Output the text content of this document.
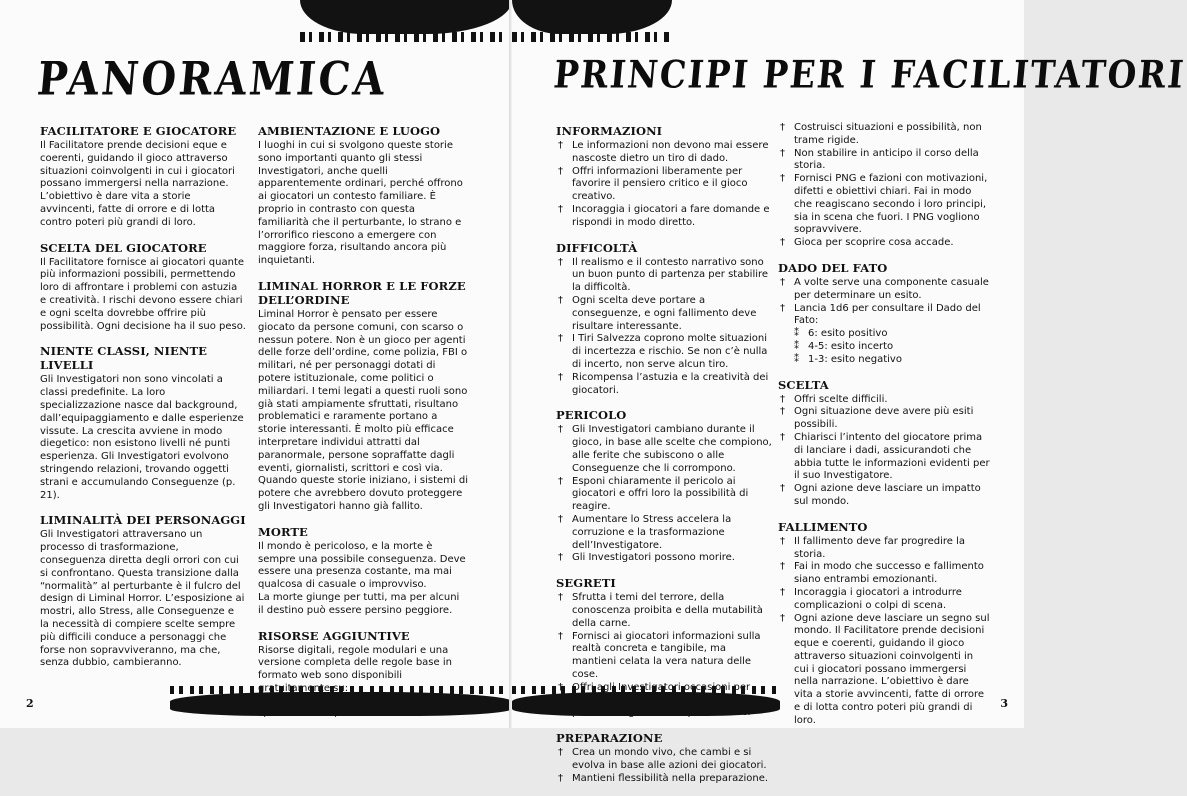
PANORAMICA
FACILITATORE E GIOCATORE

Il Facilitatore prende decisioni eque e coerenti, guidando il gioco attraverso situazioni coinvolgenti in cui i giocatori possano immergersi nella narrazione. L’obiettivo è dare vita a storie avvincenti, fatte di orrore e di lotta contro poteri più grandi di loro.

SCELTA DEL GIOCATORE

Il Facilitatore fornisce ai giocatori quante più informazioni possibili, permettendo loro di affrontare i problemi con astuzia e creatività. I rischi devono essere chiari e ogni scelta dovrebbe offrire più possibilità. Ogni decisione ha il suo peso.

NIENTE CLASSI, NIENTE LIVELLI

Gli Investigatori non sono vincolati a classi predefinite. La loro specializzazione nasce dal background, dall’equipaggiamento e dalle esperienze vissute. La crescita avviene in modo diegetico: non esistono livelli né punti esperienza. Gli Investigatori evolvono stringendo relazioni, trovando oggetti strani e accumulando Conseguenze (p. 21).

LIMINALITÀ DEI PERSONAGGI

Gli Investigatori attraversano un processo di trasformazione, conseguenza diretta degli orrori con cui si confrontano. Questa transizione dalla “normalità” al perturbante è il fulcro del design di Liminal Horror. L’esposizione ai mostri, allo Stress, alle Conseguenze e la necessità di compiere scelte sempre più difficili conduce a personaggi che forse non sopravviveranno, ma che, senza dubbio, cambieranno.

AMBIENTAZIONE E LUOGO

I luoghi in cui si svolgono queste storie sono importanti quanto gli stessi Investigatori, anche quelli apparentemente ordinari, perché offrono ai giocatori un contesto familiare. È proprio in contrasto con questa familiarità che il perturbante, lo strano e l’orrorifico riescono a emergere con maggiore forza, risultando ancora più inquietanti.

LIMINAL HORROR E LE FORZE DELL’ORDINE

Liminal Horror è pensato per essere giocato da persone comuni, con scarso o nessun potere. Non è un gioco per agenti delle forze dell’ordine, come polizia, FBI o militari, né per personaggi dotati di potere istituzionale, come politici o miliardari. I temi legati a questi ruoli sono già stati ampiamente sfruttati, risultano problematici e raramente portano a storie interessanti. È molto più efficace interpretare individui attratti dal paranormale, persone sopraffatte dagli eventi, giornalisti, scrittori e così via. Quando queste storie iniziano, i sistemi di potere che avrebbero dovuto proteggere gli Investigatori hanno già fallito.

MORTE

Il mondo è pericoloso, e la morte è sempre una possibile conseguenza. Deve essere una presenza costante, ma mai qualcosa di casuale o improvviso.

La morte giunge per tutti, ma per alcuni il destino può essere persino peggiore.

RISORSE AGGIUNTIVE

Risorse digitali, regole modulari e una versione completa delle regole base in formato web sono disponibili

2
PRINCIPI PER I FACILITATORI
INFORMAZIONI
† Le informazioni non devono mai essere nascoste dietro un tiro di dado.
† Offri informazioni liberamente per favorire il pensiero critico e il gioco creativo.
† Incoraggia i giocatori a fare domande e rispondi in modo diretto.
DIFFICOLTÀ
† Il realismo e il contesto narrativo sono un buon punto di partenza per stabilire la difficoltà.
† Ogni scelta deve portare a conseguenze, e ogni fallimento deve risultare interessante.
† I Tiri Salvezza coprono molte situazioni di incertezza e rischio. Se non c’è nulla di incerto, non serve alcun tiro.
† Ricompensa l’astuzia e la creatività dei giocatori.
PERICOLO
† Gli Investigatori cambiano durante il gioco, in base alle scelte che compiono, alle ferite che subiscono o alle Conseguenze che li corrompono.
† Esponi chiaramente il pericolo ai giocatori e offri loro la possibilità di reagire.
† Aumentare lo Stress accelera la corruzione e la trasformazione dell’Investigatore.
† Gli Investigatori possono morire.
SEGRETI
† Sfrutta i temi del terrore, della conoscenza proibita e della mutabilità della carne.
† Fornisci ai giocatori informazioni sulla realtà concreta e tangibile, ma mantieni celata la vera natura delle cose.
PREPARAZIONE
† Crea un mondo vivo, che cambi e si evolva in base alle azioni dei giocatori.
† Mantieni flessibilità nella preparazione.
† Costruisci situazioni e possibilità, non trame rigide.
† Non stabilire in anticipo il corso della storia.
† Fornisci PNG e fazioni con motivazioni, difetti e obiettivi chiari. Fai in modo che reagiscano secondo i loro principi, sia in scena che fuori. I PNG vogliono sopravvivere.
† Gioca per scoprire cosa accade.
DADO DEL FATO
† A volte serve una componente casuale per determinare un esito.
† Lancia 1d6 per consultare il Dado del Fato:
⁑ 6: esito positivo
⁑ 4-5: esito incerto
⁑ 1-3: esito negativo
SCELTA
† Offri scelte difficili.
† Ogni situazione deve avere più esiti possibili.
† Chiarisci l’intento del giocatore prima di lanciare i dadi, assicurandoti che abbia tutte le informazioni evidenti per il suo Investigatore.
† Ogni azione deve lasciare un impatto sul mondo.
FALLIMENTO
† Il fallimento deve far progredire la storia.
† Fai in modo che successo e fallimento siano entrambi emozionanti.
† Incoraggia i giocatori a introdurre complicazioni o colpi di scena.
† Ogni azione deve lasciare un segno sul mondo. Il Facilitatore prende decisioni eque e coerenti, guidando il gioco attraverso situazioni coinvolgenti in cui i giocatori possano immergersi nella narrazione. L’obiettivo è dare vita a storie avvincenti, fatte di orrore e di lotta contro poteri più grandi di loro.
3
